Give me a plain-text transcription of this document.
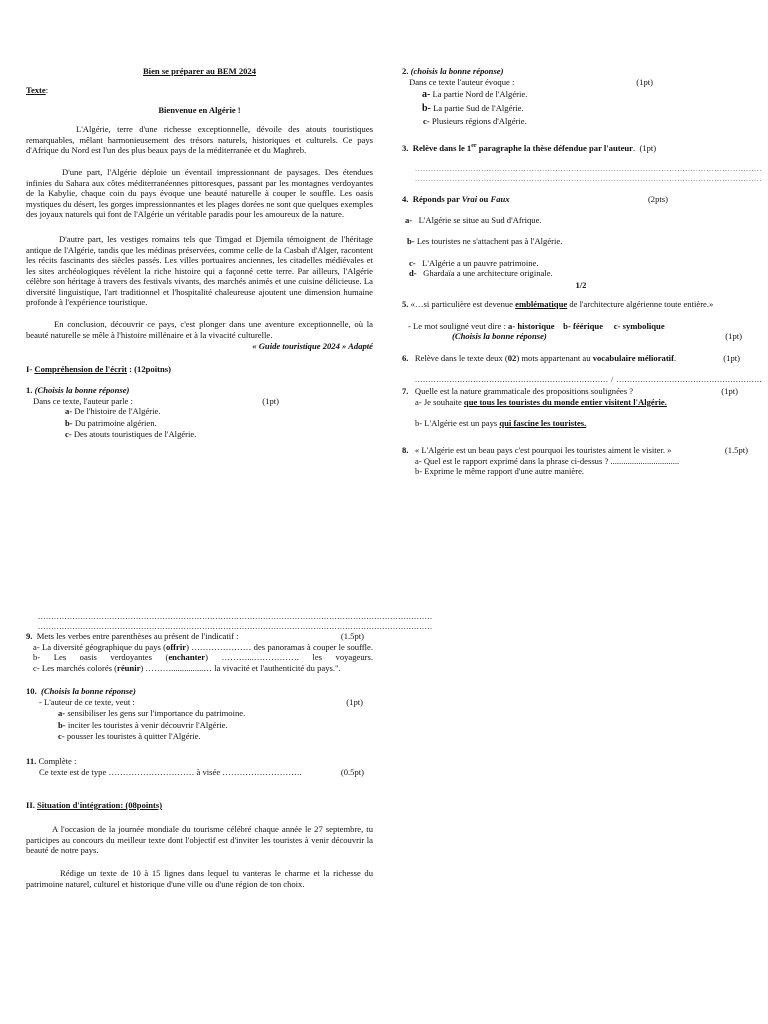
Bien se préparer au BEM 2024
Texte:
Bienvenue en Algérie !

L'Algérie, terre d'une richesse exceptionnelle, dévoile des atouts touristiques remarquables, mêlant harmonieusement des trésors naturels, historiques et culturels. Ce pays d'Afrique du Nord est l'un des plus beaux pays de la méditerranée et du Maghreb.

D'une part, l'Algérie déploie un éventail impressionnant de paysages. Des étendues infinies du Sahara aux côtes méditerranéennes pittoresques, passant par les montagnes verdoyantes de la Kabylie, chaque coin du pays évoque une beauté naturelle à couper le souffle. Les oasis mystiques du désert, les gorges impressionnantes et les plages dorées ne sont que quelques exemples des joyaux naturels qui font de l'Algérie un véritable paradis pour les amoureux de la nature.

D'autre part, les vestiges romains tels que Timgad et Djemila témoignent de l'héritage antique de l'Algérie, tandis que les médinas préservées, comme celle de la Casbah d'Alger, racontent les récits fascinants des siècles passés. Les villes portuaires anciennes, les citadelles médiévales et les sites archéologiques révèlent la riche histoire qui a façonné cette terre. Par ailleurs, l'Algérie célèbre son héritage à travers des festivals vivants, des marchés animés et une cuisine délicieuse. La diversité linguistique, l'art traditionnel et l'hospitalité chaleureuse ajoutent une dimension humaine profonde à l'expérience touristique.

En conclusion, découvrir ce pays, c'est plonger dans une aventure exceptionnelle, où la beauté naturelle se mêle à l'histoire millénaire et à la vivacité culturelle.

« Guide touristique 2024 » Adapté
I- Compréhension de l'écrit : (12poitns)
1. (Choisis la bonne réponse)
Dans ce texte, l'auteur parle :	(1pt)
a- De l'histoire de l'Algérie.
b- Du patrimoine algérien.
c- Des atouts touristiques de l'Algérie.
.....................................................................................................................................................
.....................................................................................................................................................
9. Mets les verbes entre parenthèses au présent de l'indicatif :	(1.5pt)
a- La diversité géographique du pays (offrir) ………………… des panoramas à couper le souffle. b- Les oasis verdoyantes (enchanter) ………...……………. les voyageurs.
c- Les marchés colorés (réunir) ………...............… la vivacité et l'authenticité du pays.".
10. (Choisis la bonne réponse)
- L'auteur de ce texte, veut :	(1pt)
a- sensibiliser les gens sur l'importance du patrimoine.
b- inciter les touristes à venir découvrir l'Algérie.
c- pousser les touristes à quitter l'Algérie.
11. Complète :
Ce texte est de type ………………………… à visée ……………………….	(0.5pt)
II. Situation d'intégration: (08points)

A l'occasion de la journée mondiale du tourisme célébré chaque année le 27 septembre, tu participes au concours du meilleur texte dont l'objectif est d'inviter les touristes à venir découvrir la beauté de notre pays.

Rédige un texte de 10 à 15 lignes dans lequel tu vanteras le charme et la richesse du patrimoine naturel, culturel et historique d'une ville ou d'une région de ton choix.

2. (choisis la bonne réponse)
Dans ce texte l'auteur évoque :	(1pt)
a- La partie Nord de l'Algérie.
b- La partie Sud de l'Algérie.
c- Plusieurs régions d'Algérie.
3. Relève dans le 1er paragraphe la thèse défendue par l'auteur. (1pt)
...................................................................................................................................
...................................................................................................................................
4. Réponds par Vrai ou Faux	(2pts)
a- L'Algérie se situe au Sud d'Afrique.
b- Les touristes ne s'attachent pas à l'Algérie.
c- L'Algérie a un pauvre patrimoine.
d- Ghardaïa a une architecture originale.
1/2
5. «…si particulière est devenue emblématique de l'architecture algérienne toute entière.»
- Le mot souligné veut dire : a- historique b- féérique c- symbolique
(Choisis la bonne réponse)	(1pt)
6. Relève dans le texte deux (02) mots appartenant au vocabulaire mélioratif.	(1pt)
......................................................................... / .......................................................
7. Quelle est la nature grammaticale des propositions soulignées ?	(1pt)
a- Je souhaite que tous les touristes du monde entier visitent l'Algérie.
b- L'Algérie est un pays qui fascine les touristes.
8. « L'Algérie est un beau pays c'est pourquoi les touristes aiment le visiter. »	(1.5pt)
a- Quel est le rapport exprimé dans la phrase ci-dessus ? ................................
b- Exprime le même rapport d'une autre manière.
